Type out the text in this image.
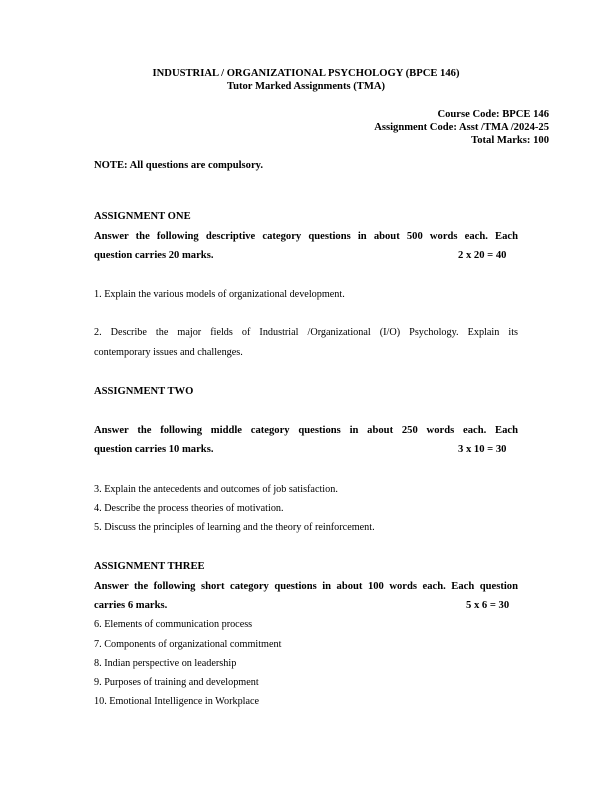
INDUSTRIAL / ORGANIZATIONAL PSYCHOLOGY (BPCE 146)
Tutor Marked Assignments (TMA)
Course Code: BPCE 146
Assignment Code: Asst /TMA /2024-25
Total Marks: 100
NOTE: All questions are compulsory.
ASSIGNMENT ONE
Answer the following descriptive category questions in about 500 words each. Each
question carries 20 marks.	2 x 20 = 40
1. Explain the various models of organizational development.
2. Describe the major fields of Industrial /Organizational (I/O) Psychology. Explain its
contemporary issues and challenges.
ASSIGNMENT TWO
Answer the following middle category questions in about 250 words each. Each
question carries 10 marks.	3 x 10 = 30
3. Explain the antecedents and outcomes of job satisfaction.
4. Describe the process theories of motivation.
5. Discuss the principles of learning and the theory of reinforcement.
ASSIGNMENT THREE
Answer the following short category questions in about 100 words each. Each question
carries 6 marks.	5 x 6 = 30
6. Elements of communication process
7. Components of organizational commitment
8. Indian perspective on leadership
9. Purposes of training and development
10. Emotional Intelligence in Workplace
